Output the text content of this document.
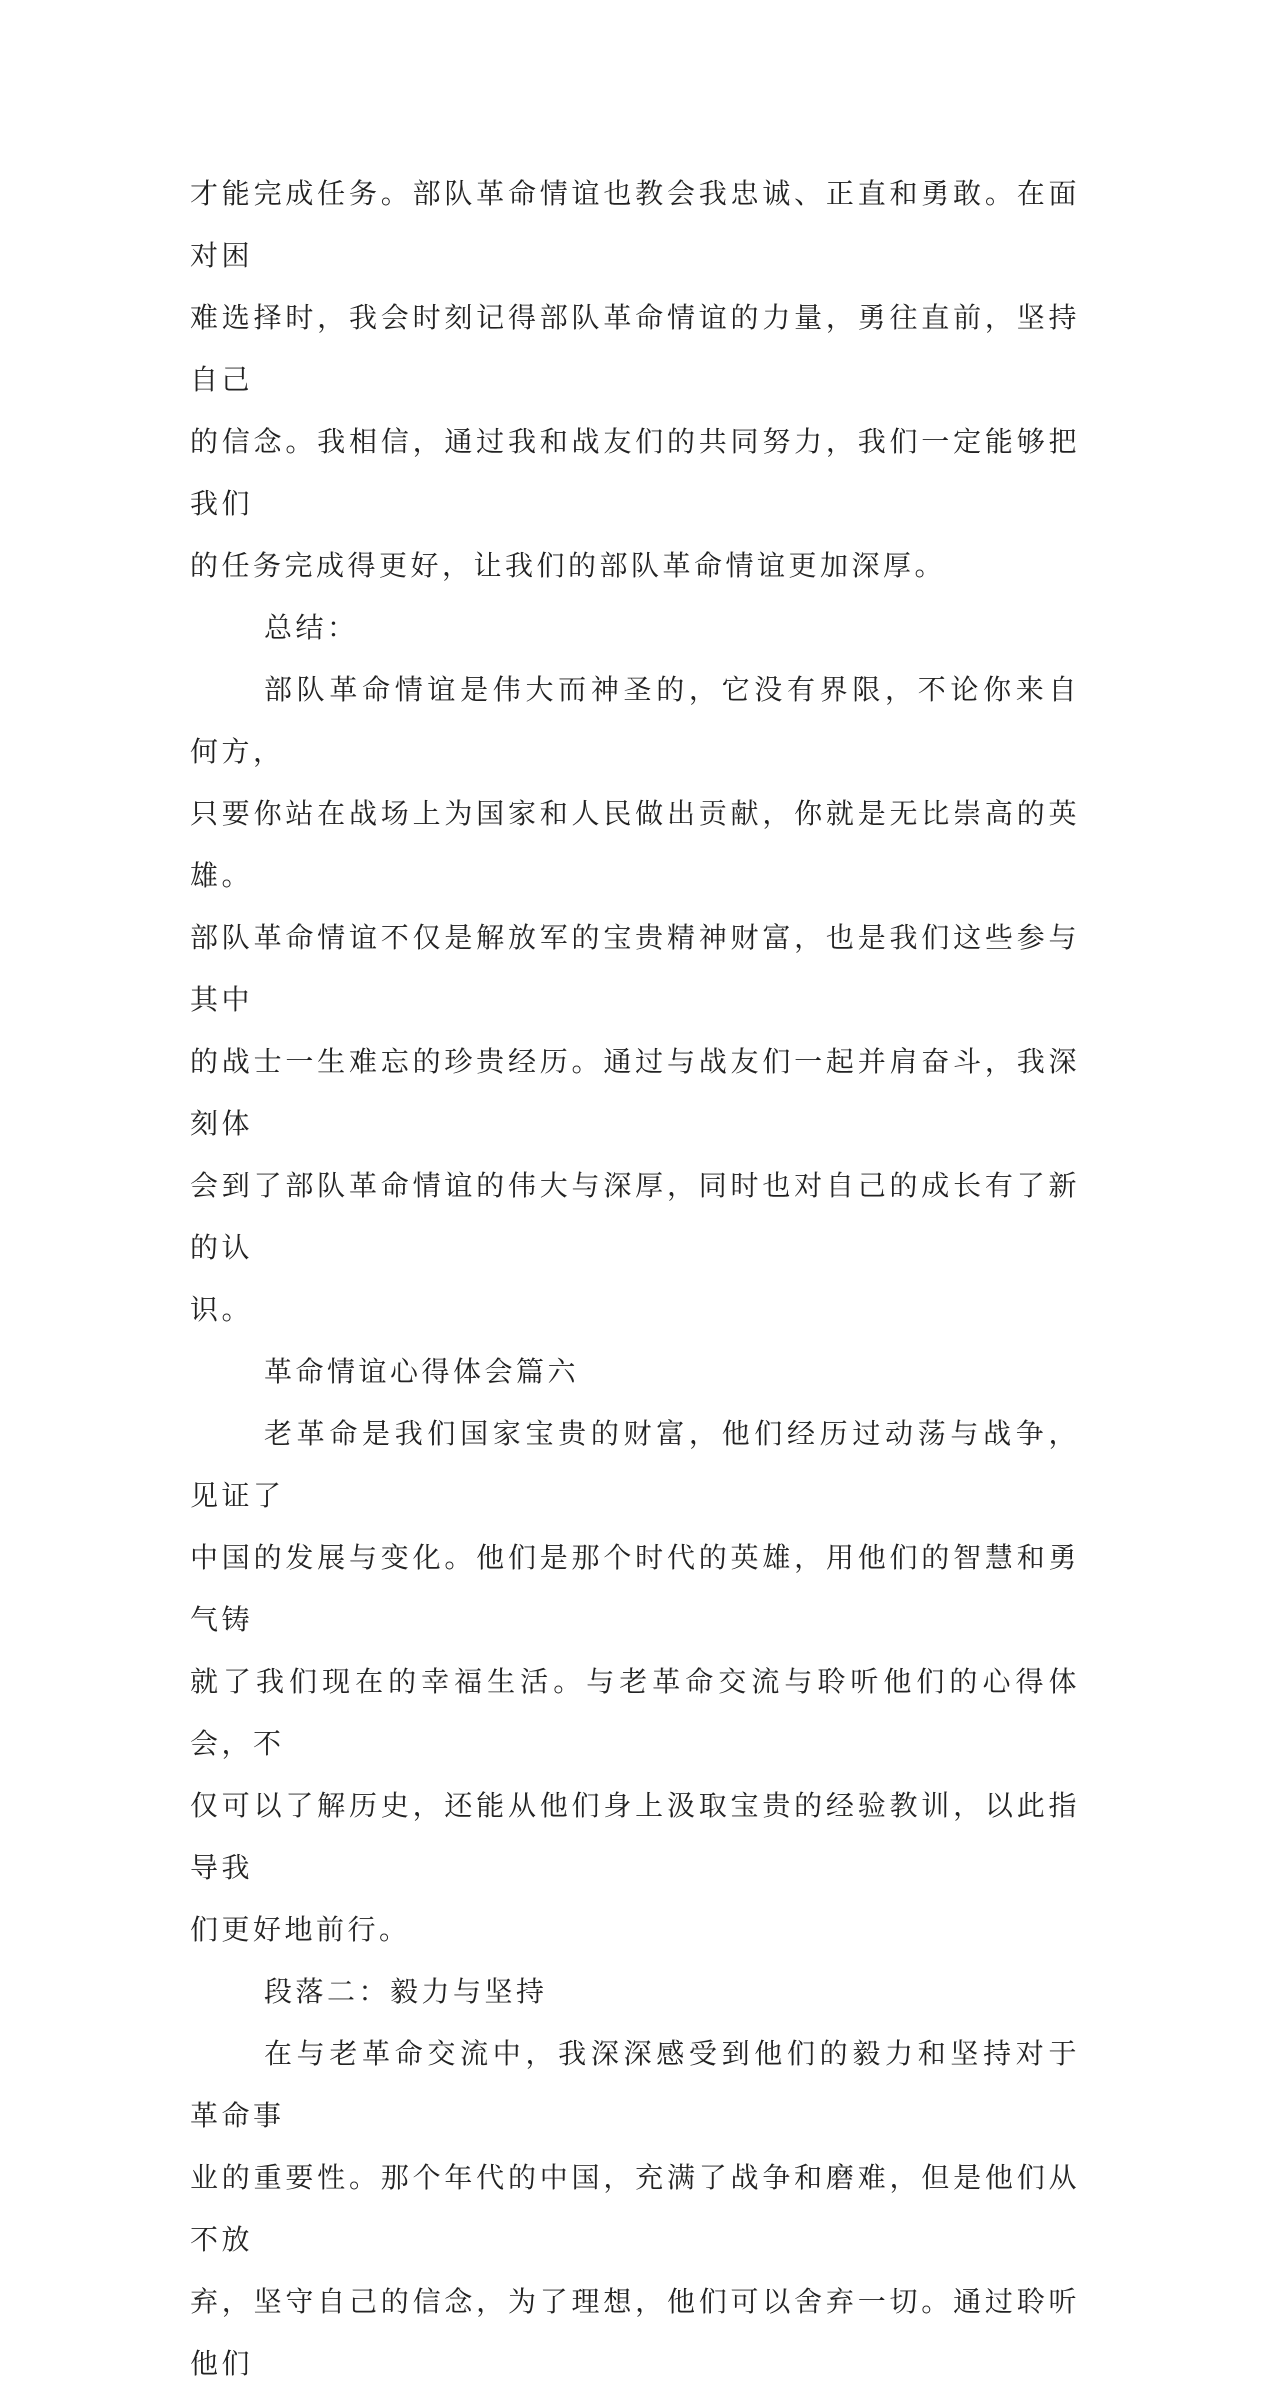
才能完成任务。部队革命情谊也教会我忠诚、正直和勇敢。在面对困
难选择时，我会时刻记得部队革命情谊的力量，勇往直前，坚持自己
的信念。我相信，通过我和战友们的共同努力，我们一定能够把我们
的任务完成得更好，让我们的部队革命情谊更加深厚。

总结：

部队革命情谊是伟大而神圣的，它没有界限，不论你来自何方，

只要你站在战场上为国家和人民做出贡献，你就是无比崇高的英雄。
部队革命情谊不仅是解放军的宝贵精神财富，也是我们这些参与其中
的战士一生难忘的珍贵经历。通过与战友们一起并肩奋斗，我深刻体
会到了部队革命情谊的伟大与深厚，同时也对自己的成长有了新的认
识。

革命情谊心得体会篇六

老革命是我们国家宝贵的财富，他们经历过动荡与战争，见证了

中国的发展与变化。他们是那个时代的英雄，用他们的智慧和勇气铸
就了我们现在的幸福生活。与老革命交流与聆听他们的心得体会，不
仅可以了解历史，还能从他们身上汲取宝贵的经验教训，以此指导我
们更好地前行。

段落二：毅力与坚持

在与老革命交流中，我深深感受到他们的毅力和坚持对于革命事

业的重要性。那个年代的中国，充满了战争和磨难，但是他们从不放
弃，坚守自己的信念，为了理想，他们可以舍弃一切。通过聆听他们
